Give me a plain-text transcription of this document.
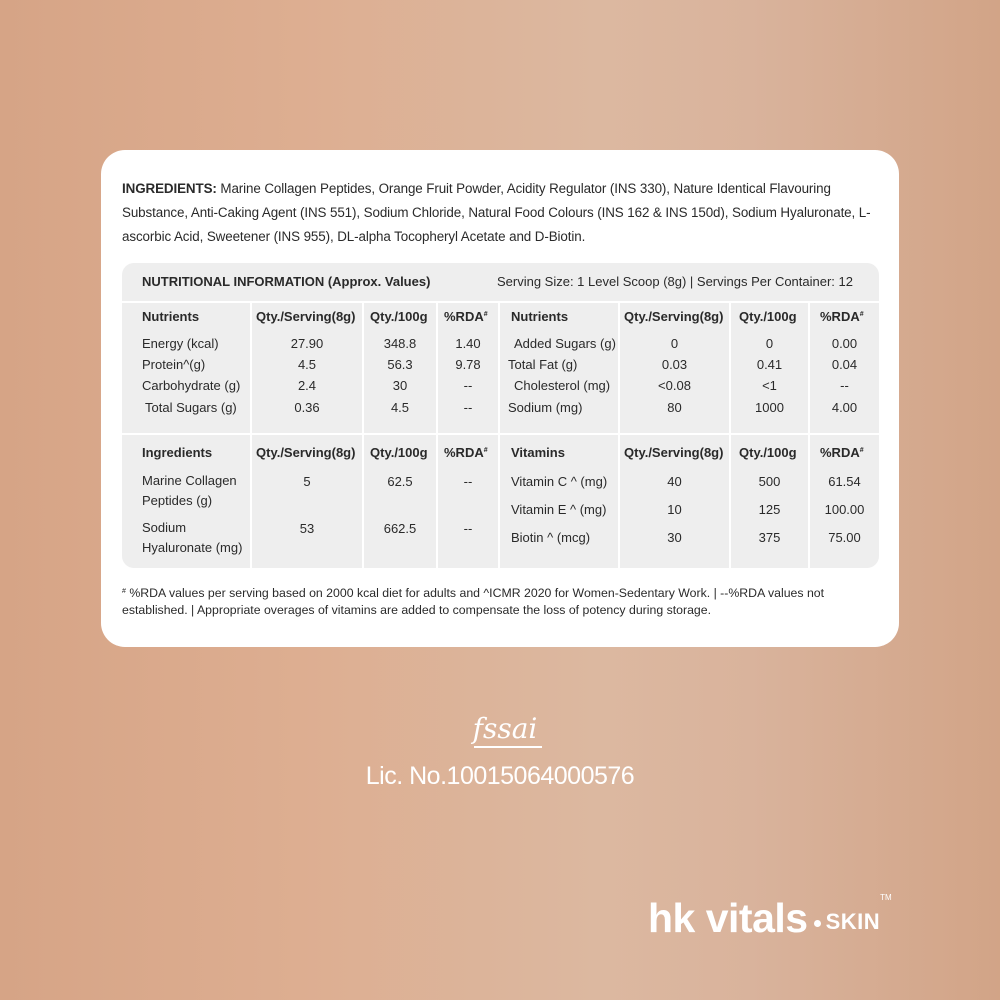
INGREDIENTS: Marine Collagen Peptides, Orange Fruit Powder, Acidity Regulator (INS 330), Nature Identical Flavouring Substance, Anti-Caking Agent (INS 551), Sodium Chloride, Natural Food Colours (INS 162 & INS 150d), Sodium Hyaluronate, L-ascorbic Acid, Sweetener (INS 955), DL-alpha Tocopheryl Acetate and D-Biotin.
NUTRITIONAL INFORMATION (Approx. Values)	Serving Size: 1 Level Scoop (8g) | Servings Per Container: 12
Nutrients	Qty./Serving(8g) Qty./100g %RDA# Nutrients	Qty./Serving(8g) Qty./100g %RDA#
Energy (kcal)	27.90	348.8	1.40
Protein^(g)	4.5	56.3	9.78
Carbohydrate (g)	2.4	30	--
Total Sugars (g)	0.36	4.5	--
Added Sugars (g)	0	0	0.00
Total Fat (g)	0.03	0.41	0.04
Cholesterol (mg)	<0.08	<1	--
Sodium (mg)	80	1000	4.00
Ingredients	Qty./Serving(8g) Qty./100g %RDA# Vitamins	Qty./Serving(8g) Qty./100g %RDA#
Marine Collagen Peptides (g)
5	62.5	--
Sodium Hyaluronate (mg)
53	662.5	--
Vitamin C ^ (mg)	40	500	61.54
Vitamin E ^ (mg)	10	125	100.00
Biotin ^ (mcg)	30	375	75.00
# %RDA values per serving based on 2000 kcal diet for adults and ^ICMR 2020 for Women-Sedentary Work. | --%RDA values not established. | Appropriate overages of vitamins are added to compensate the loss of potency during storage.
fssai
Lic. No.10015064000576
hk vitals SKIN™
